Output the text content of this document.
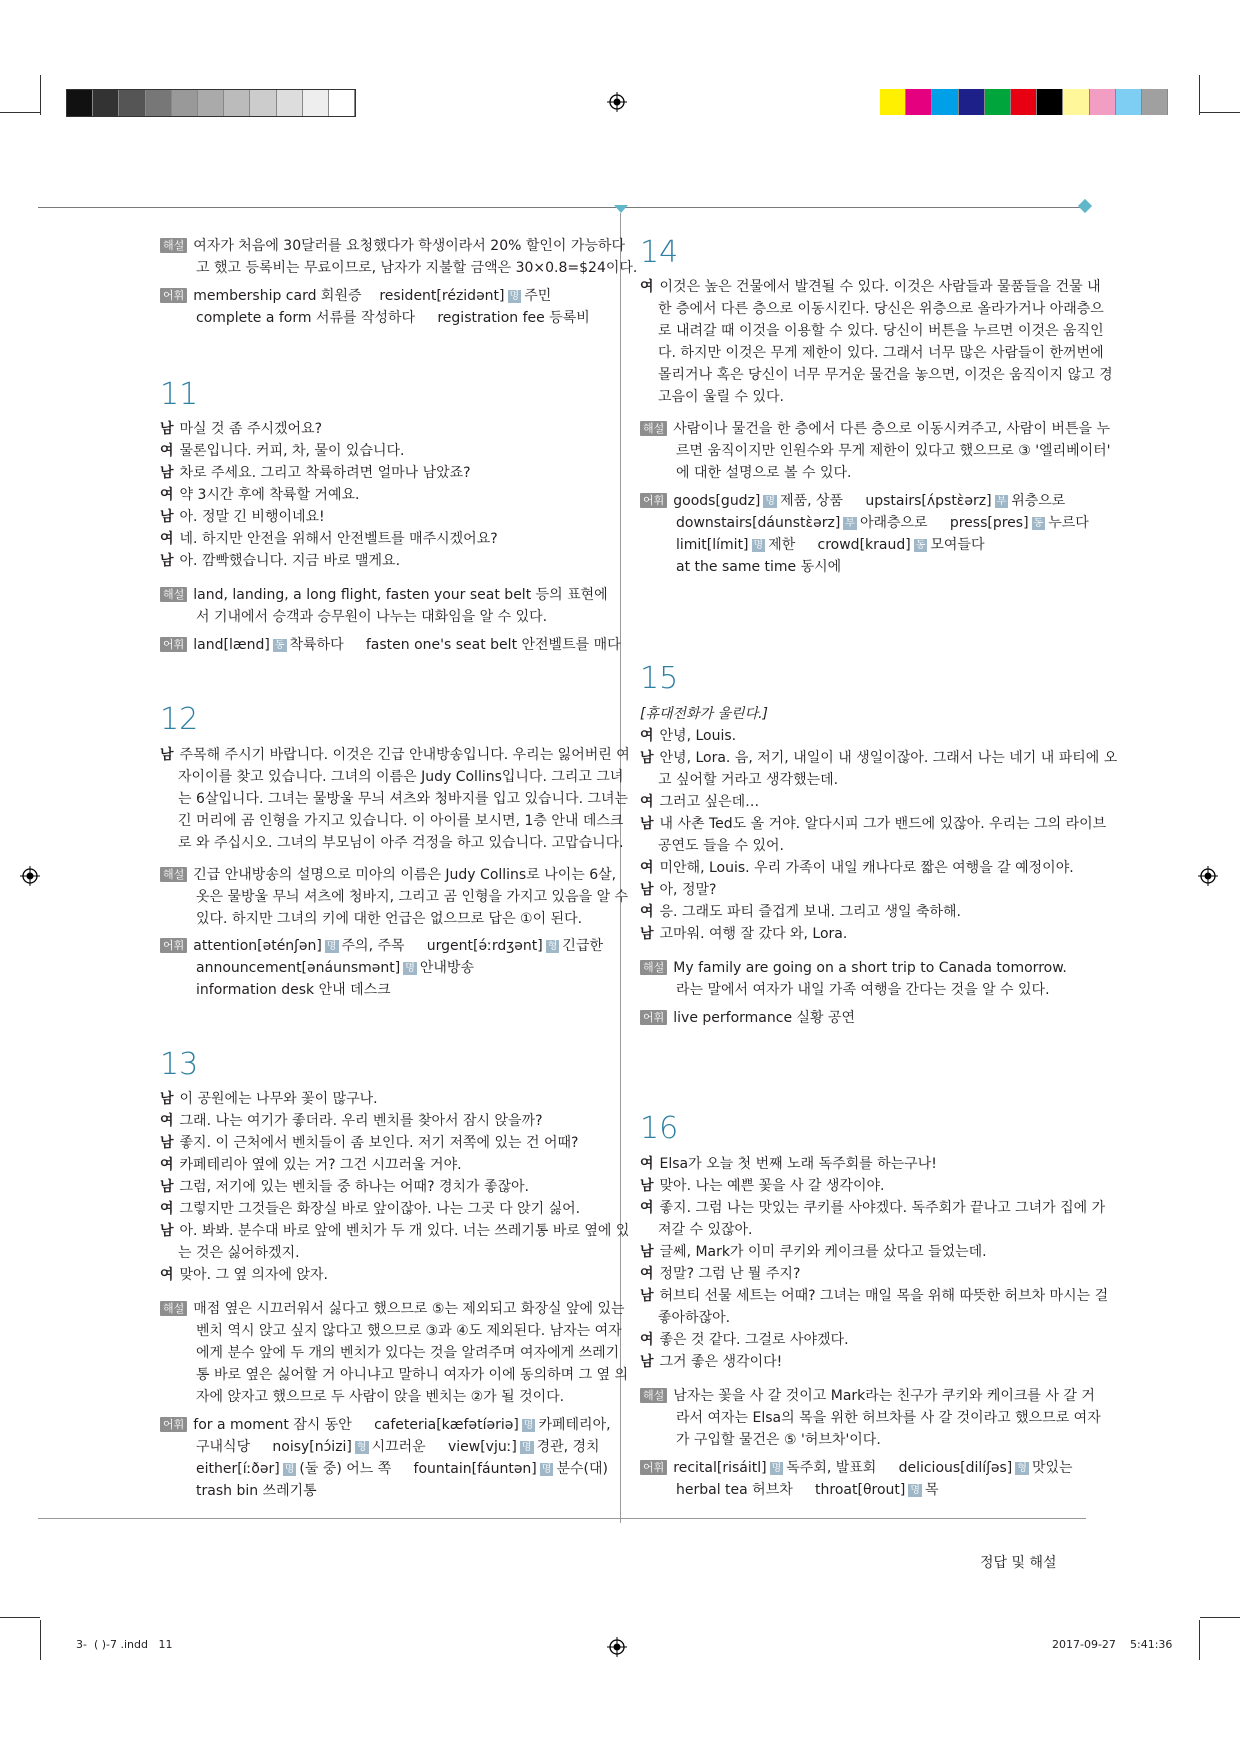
해설 여자가 처음에 30달러를 요청했다가 학생이라서 20% 할인이 가능하다
고 했고 등록비는 무료이므로, 남자가 지불할 금액은 30×0.8=$24이다.
어휘 membership card 회원증 resident[rézidənt] 명 주민
complete a form 서류를 작성하다 registration fee 등록비
11
남 마실 것 좀 주시겠어요?
여 물론입니다. 커피, 차, 물이 있습니다.
남 차로 주세요. 그리고 착륙하려면 얼마나 남았죠?
여 약 3시간 후에 착륙할 거예요.
남 아. 정말 긴 비행이네요!
여 네. 하지만 안전을 위해서 안전벨트를 매주시겠어요?
남 아. 깜빡했습니다. 지금 바로 맬게요.
해설 land, landing, a long flight, fasten your seat belt 등의 표현에
서 기내에서 승객과 승무원이 나누는 대화임을 알 수 있다.
어휘 land[lænd] 동 착륙하다 fasten one's seat belt 안전벨트를 매다
12
남 주목해 주시기 바랍니다. 이것은 긴급 안내방송입니다. 우리는 잃어버린 여
자이이를 찾고 있습니다. 그녀의 이름은 Judy Collins입니다. 그리고 그녀
는 6살입니다. 그녀는 물방울 무늬 셔츠와 청바지를 입고 있습니다. 그녀는
긴 머리에 곰 인형을 가지고 있습니다. 이 아이를 보시면, 1층 안내 데스크
로 와 주십시오. 그녀의 부모님이 아주 걱정을 하고 있습니다. 고맙습니다.
해설 긴급 안내방송의 설명으로 미아의 이름은 Judy Collins로 나이는 6살,
옷은 물방울 무늬 셔츠에 청바지, 그리고 곰 인형을 가지고 있음을 알 수
있다. 하지만 그녀의 키에 대한 언급은 없으므로 답은 ①이 된다.
어휘 attention[əténʃən] 명 주의, 주목 urgent[ə́ːrdʒənt] 형 긴급한
announcement[ənáunsmənt] 명 안내방송
information desk 안내 데스크
13
남 이 공원에는 나무와 꽃이 많구나.
여 그래. 나는 여기가 좋더라. 우리 벤치를 찾아서 잠시 앉을까?
남 좋지. 이 근처에서 벤치들이 좀 보인다. 저기 저쪽에 있는 건 어때?
여 카페테리아 옆에 있는 거? 그건 시끄러울 거야.
남 그럼, 저기에 있는 벤치들 중 하나는 어때? 경치가 좋잖아.
여 그렇지만 그것들은 화장실 바로 앞이잖아. 나는 그곳 다 앉기 싫어.
남 아. 봐봐. 분수대 바로 앞에 벤치가 두 개 있다. 너는 쓰레기통 바로 옆에 있
는 것은 싫어하겠지.
여 맞아. 그 옆 의자에 앉자.
해설 매점 옆은 시끄러워서 싫다고 했으므로 ⑤는 제외되고 화장실 앞에 있는
벤치 역시 앉고 싶지 않다고 했으므로 ③과 ④도 제외된다. 남자는 여자
에게 분수 앞에 두 개의 벤치가 있다는 것을 알려주며 여자에게 쓰레기
통 바로 옆은 싫어할 거 아니냐고 말하니 여자가 이에 동의하며 그 옆 의
자에 앉자고 했으므로 두 사람이 앉을 벤치는 ②가 될 것이다.
어휘 for a moment 잠시 동안 cafeteria[kæfətíəriə] 명 카페테리아,
구내식당 noisy[nɔ́izi] 형 시끄러운 view[vjuː] 명 경관, 경치
either[íːðər] 명 (둘 중) 어느 쪽 fountain[fáuntən] 명 분수(대)
trash bin 쓰레기통
14
여 이것은 높은 건물에서 발견될 수 있다. 이것은 사람들과 물품들을 건물 내
한 층에서 다른 층으로 이동시킨다. 당신은 위층으로 올라가거나 아래층으
로 내려갈 때 이것을 이용할 수 있다. 당신이 버튼을 누르면 이것은 움직인
다. 하지만 이것은 무게 제한이 있다. 그래서 너무 많은 사람들이 한꺼번에
몰리거나 혹은 당신이 너무 무거운 물건을 놓으면, 이것은 움직이지 않고 경
고음이 울릴 수 있다.
해설 사람이나 물건을 한 층에서 다른 층으로 이동시켜주고, 사람이 버튼을 누
르면 움직이지만 인원수와 무게 제한이 있다고 했으므로 ③ '엘리베이터'
에 대한 설명으로 볼 수 있다.
어휘 goods[gudz] 명 제품, 상품 upstairs[ʌ́pstɛ̀ərz] 부 위층으로
downstairs[dáunstɛ̀ərz] 부 아래층으로 press[pres] 동 누르다
limit[límit] 명 제한 crowd[kraud] 동 모여들다
at the same time 동시에
15
[휴대전화가 울린다.]
여 안녕, Louis.
남 안녕, Lora. 음, 저기, 내일이 내 생일이잖아. 그래서 나는 네기 내 파티에 오
고 싶어할 거라고 생각했는데.
여 그러고 싶은데…
남 내 사촌 Ted도 올 거야. 알다시피 그가 밴드에 있잖아. 우리는 그의 라이브
공연도 들을 수 있어.
여 미안해, Louis. 우리 가족이 내일 캐나다로 짧은 여행을 갈 예정이야.
남 아, 정말?
여 응. 그래도 파티 즐겁게 보내. 그리고 생일 축하해.
남 고마워. 여행 잘 갔다 와, Lora.
해설 My family are going on a short trip to Canada tomorrow.
라는 말에서 여자가 내일 가족 여행을 간다는 것을 알 수 있다.
어휘 live performance 실황 공연
16
여 Elsa가 오늘 첫 번째 노래 독주회를 하는구나!
남 맞아. 나는 예쁜 꽃을 사 갈 생각이야.
여 좋지. 그럼 나는 맛있는 쿠키를 사야겠다. 독주회가 끝나고 그녀가 집에 가
져갈 수 있잖아.
남 글쎄, Mark가 이미 쿠키와 케이크를 샀다고 들었는데.
여 정말? 그럼 난 뭘 주지?
남 허브티 선물 세트는 어때? 그녀는 매일 목을 위해 따뜻한 허브차 마시는 걸
좋아하잖아.
여 좋은 것 같다. 그걸로 사야겠다.
남 그거 좋은 생각이다!
해설 남자는 꽃을 사 갈 것이고 Mark라는 친구가 쿠키와 케이크를 사 갈 거
라서 여자는 Elsa의 목을 위한 허브차를 사 갈 것이라고 했으므로 여자
가 구입할 물건은 ⑤ '허브차'이다.
어휘 recital[risáitl] 명 독주회, 발표회 delicious[dilíʃəs] 형 맛있는
herbal tea 허브차 throat[θrout] 명 목
정답 및 해설
3-  ( )-7 .indd   11	2017-09-27 5:41:36
